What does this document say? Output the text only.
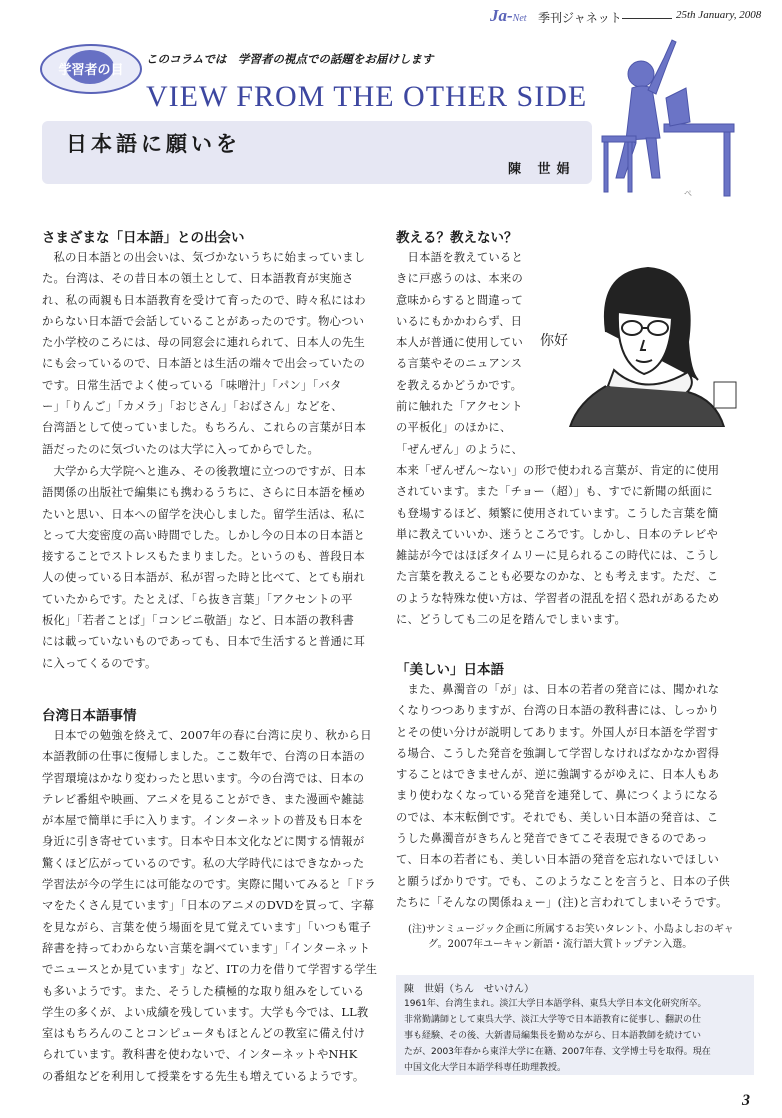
Ja-Net 季刊ジャネット	25th January, 2008
学習者の目
このコラムでは　学習者の視点での話題をお届けします
VIEW FROM THE OTHER SIDE
ぺ
日本語に願いを
陳 世娟
さまざまな「日本語」との出会い
　私の日本語との出会いは、気づかないうちに始まっていまし
た。台湾は、その昔日本の領土として、日本語教育が実施さ
れ、私の両親も日本語教育を受けて育ったので、時々私にはわ
からない日本語で会話していることがあったのです。物心つい
た小学校のころには、母の同窓会に連れられて、日本人の先生
にも会っているので、日本語とは生活の端々で出会っていたの
です。日常生活でよく使っている「味噌汁」「パン」「バタ
ー」「りんご」「カメラ」「おじさん」「おばさん」などを、
台湾語として使っていました。もちろん、これらの言葉が日本
語だったのに気づいたのは大学に入ってからでした。
　大学から大学院へと進み、その後教壇に立つのですが、日本
語関係の出版社で編集にも携わるうちに、さらに日本語を極め
たいと思い、日本への留学を決心しました。留学生活は、私に
とって大変密度の高い時間でした。しかし今の日本の日本語と
接することでストレスもたまりました。というのも、普段日本
人の使っている日本語が、私が習った時と比べて、とても崩れ
ていたからです。たとえば、「ら抜き言葉」「アクセントの平
板化」「若者ことば」「コンビニ敬語」など、日本語の教科書
には載っていないものであっても、日本で生活すると普通に耳
に入ってくるのです。
台湾日本語事情
　日本での勉強を終えて、2007年の春に台湾に戻り、秋から日
本語教師の仕事に復帰しました。ここ数年で、台湾の日本語の
学習環境はかなり変わったと思います。今の台湾では、日本の
テレビ番組や映画、アニメを見ることができ、また漫画や雑誌
が本屋で簡単に手に入ります。インターネットの普及も日本を
身近に引き寄せています。日本や日本文化などに関する情報が
驚くほど広がっているのです。私の大学時代にはできなかった
学習法が今の学生には可能なのです。実際に聞いてみると「ドラ
マをたくさん見ています」「日本のアニメのDVDを買って、字幕
を見ながら、言葉を使う場面を見て覚えています」「いつも電子
辞書を持ってわからない言葉を調べています」「インターネット
でニュースとか見ています」など、ITの力を借りて学習する学生
も多いようです。また、そうした積極的な取り組みをしている
学生の多くが、よい成績を残しています。大学も今では、LL教
室はもちろんのことコンピュータもほとんどの教室に備え付け
られています。教科書を使わないで、インターネットやNHK
の番組などを利用して授業をする先生も増えているようです。
教える？教えない？
　日本語を教えていると
きに戸惑うのは、本来の
意味からすると間違って
いるにもかかわらず、日
本人が普通に使用してい
る言葉やそのニュアンス
を教えるかどうかです。
前に触れた「アクセント
の平板化」のほかに、
「ぜんぜん」のように、
你好
本来「ぜんぜん～ない」の形で使われる言葉が、肯定的に使用
されています。また「チョー（超）」も、すでに新聞の紙面に
も登場するほど、頻繁に使用されています。こうした言葉を簡
単に教えていいか、迷うところです。しかし、日本のテレビや
雑誌が今ではほぼタイムリーに見られるこの時代には、こうし
た言葉を教えることも必要なのかな、とも考えます。ただ、こ
のような特殊な使い方は、学習者の混乱を招く恐れがあるため
に、どうしても二の足を踏んでしまいます。
「美しい」日本語
　また、鼻濁音の「が」は、日本の若者の発音には、聞かれな
くなりつつありますが、台湾の日本語の教科書には、しっかり
とその使い分けが説明してあります。外国人が日本語を学習す
る場合、こうした発音を強調して学習しなければなかなか習得
することはできませんが、逆に強調するがゆえに、日本人もあ
まり使わなくなっている発音を連発して、鼻につくようになる
のでは、本末転倒です。それでも、美しい日本語の発音は、こ
うした鼻濁音がきちんと発音できてこそ表現できるのであっ
て、日本の若者にも、美しい日本語の発音を忘れないでほしい
と願うばかりです。でも、このようなことを言うと、日本の子供
たちに「そんなの関係ねぇー」(注)と言われてしまいそうです。
(注)サンミュージック企画に所属するお笑いタレント、小島よしおのギャ
　　グ。2007年ユーキャン新語・流行語大賞トップテン入選。
陳　世娟（ちん　せいけん）
1961年、台湾生まれ。淡江大学日本語学科、東呉大学日本文化研究所卒。
非常勤講師として東呉大学、淡江大学等で日本語教育に従事し、翻訳の仕
事も経験、その後、大新書局編集長を勤めながら、日本語教師を続けてい
たが、2003年春から東洋大学に在籍、2007年春、文学博士号を取得。現在
中国文化大学日本語学科専任助理教授。
3
